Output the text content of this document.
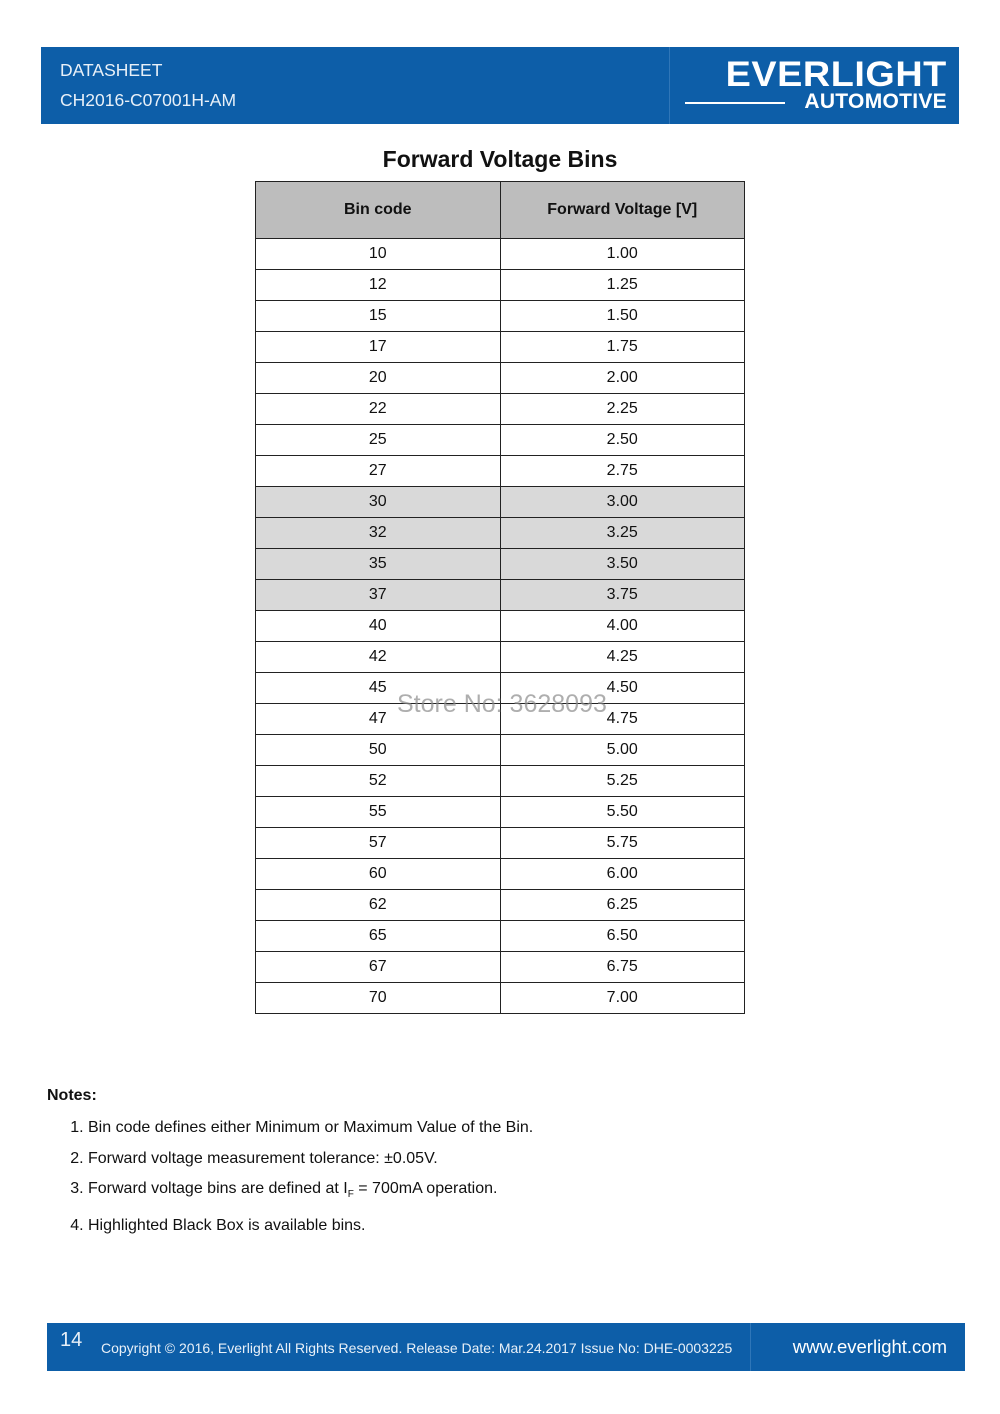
DATASHEET
CH2016-C07001H-AM
EVERLIGHT
AUTOMOTIVE
Forward Voltage Bins
Bin code	Forward Voltage [V]
10	1.00
12	1.25
15	1.50
17	1.75
20	2.00
22	2.25
25	2.50
27	2.75
30	3.00
32	3.25
35	3.50
37	3.75
40	4.00
42	4.25
45	4.50
47	4.75
50	5.00
52	5.25
55	5.50
57	5.75
60	6.00
62	6.25
65	6.50
67	6.75
70	7.00
Store No: 3628093
Notes:
1. Bin code defines either Minimum or Maximum Value of the Bin.
2. Forward voltage measurement tolerance: ±0.05V.
3. Forward voltage bins are defined at $I_F = 700mA$ operation.
4. Highlighted Black Box is available bins.
14 Copyright © 2016, Everlight All Rights Reserved. Release Date: Mar.24.2017 Issue No: DHE-0003225	www.everlight.com
